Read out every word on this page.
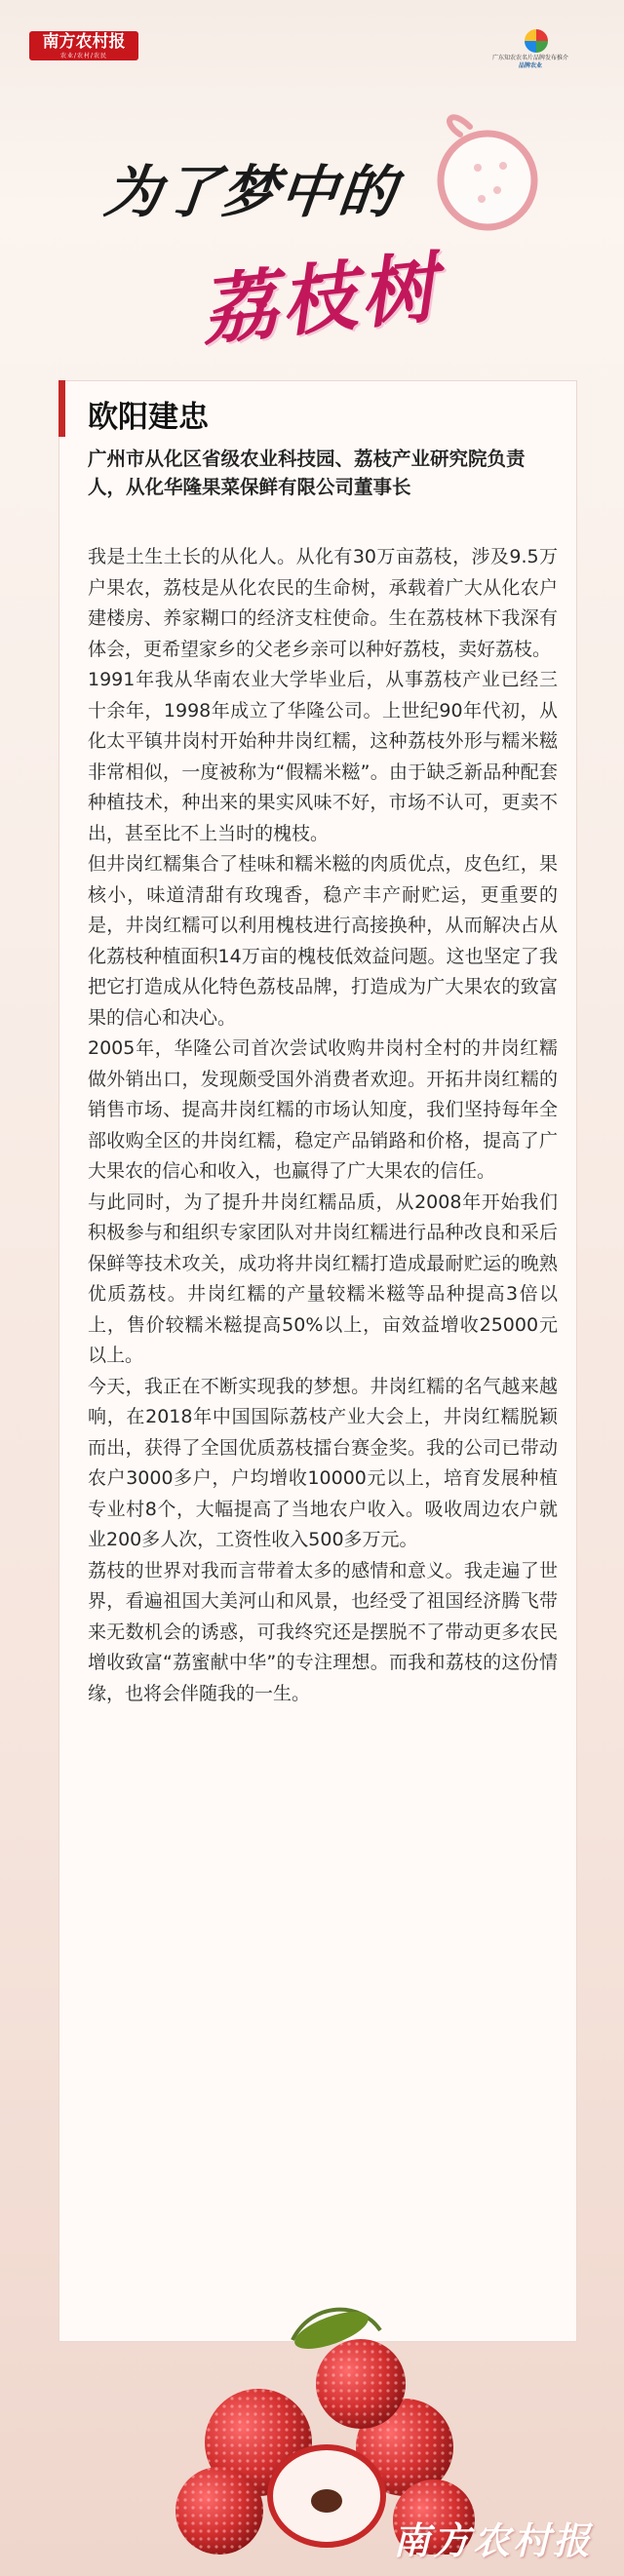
南方农村报
农业/农村/农民	广东知农农名片品牌发布推介
品牌农业
为了梦中的
荔枝树
欧阳建忠
广州市从化区省级农业科技园、荔枝产业研究院负责人，从化华隆果菜保鲜有限公司董事长

我是土生土长的从化人。从化有30万亩荔枝，涉及9.5万户果农，荔枝是从化农民的生命树，承载着广大从化农户建楼房、养家糊口的经济支柱使命。生在荔枝林下我深有体会，更希望家乡的父老乡亲可以种好荔枝，卖好荔枝。

1991年我从华南农业大学毕业后，从事荔枝产业已经三十余年，1998年成立了华隆公司。上世纪90年代初，从化太平镇井岗村开始种井岗红糯，这种荔枝外形与糯米糍非常相似，一度被称为“假糯米糍”。由于缺乏新品种配套种植技术，种出来的果实风味不好，市场不认可，更卖不出，甚至比不上当时的槐枝。

但井岗红糯集合了桂味和糯米糍的肉质优点，皮色红，果核小，味道清甜有玫瑰香，稳产丰产耐贮运，更重要的是，井岗红糯可以利用槐枝进行高接换种，从而解决占从化荔枝种植面积14万亩的槐枝低效益问题。这也坚定了我把它打造成从化特色荔枝品牌，打造成为广大果农的致富果的信心和决心。

2005年，华隆公司首次尝试收购井岗村全村的井岗红糯做外销出口，发现颇受国外消费者欢迎。开拓井岗红糯的销售市场、提高井岗红糯的市场认知度，我们坚持每年全部收购全区的井岗红糯，稳定产品销路和价格，提高了广大果农的信心和收入，也赢得了广大果农的信任。

与此同时，为了提升井岗红糯品质，从2008年开始我们积极参与和组织专家团队对井岗红糯进行品种改良和采后保鲜等技术攻关，成功将井岗红糯打造成最耐贮运的晚熟优质荔枝。井岗红糯的产量较糯米糍等品种提高3倍以上，售价较糯米糍提高50%以上，亩效益增收25000元以上。

今天，我正在不断实现我的梦想。井岗红糯的名气越来越响，在2018年中国国际荔枝产业大会上，井岗红糯脱颖而出，获得了全国优质荔枝擂台赛金奖。我的公司已带动农户3000多户，户均增收10000元以上，培育发展种植专业村8个，大幅提高了当地农户收入。吸收周边农户就业200多人次，工资性收入500多万元。

荔枝的世界对我而言带着太多的感情和意义。我走遍了世界，看遍祖国大美河山和风景，也经受了祖国经济腾飞带来无数机会的诱惑，可我终究还是摆脱不了带动更多农民增收致富“荔蜜献中华”的专注理想。而我和荔枝的这份情缘，也将会伴随我的一生。

南方农村报
